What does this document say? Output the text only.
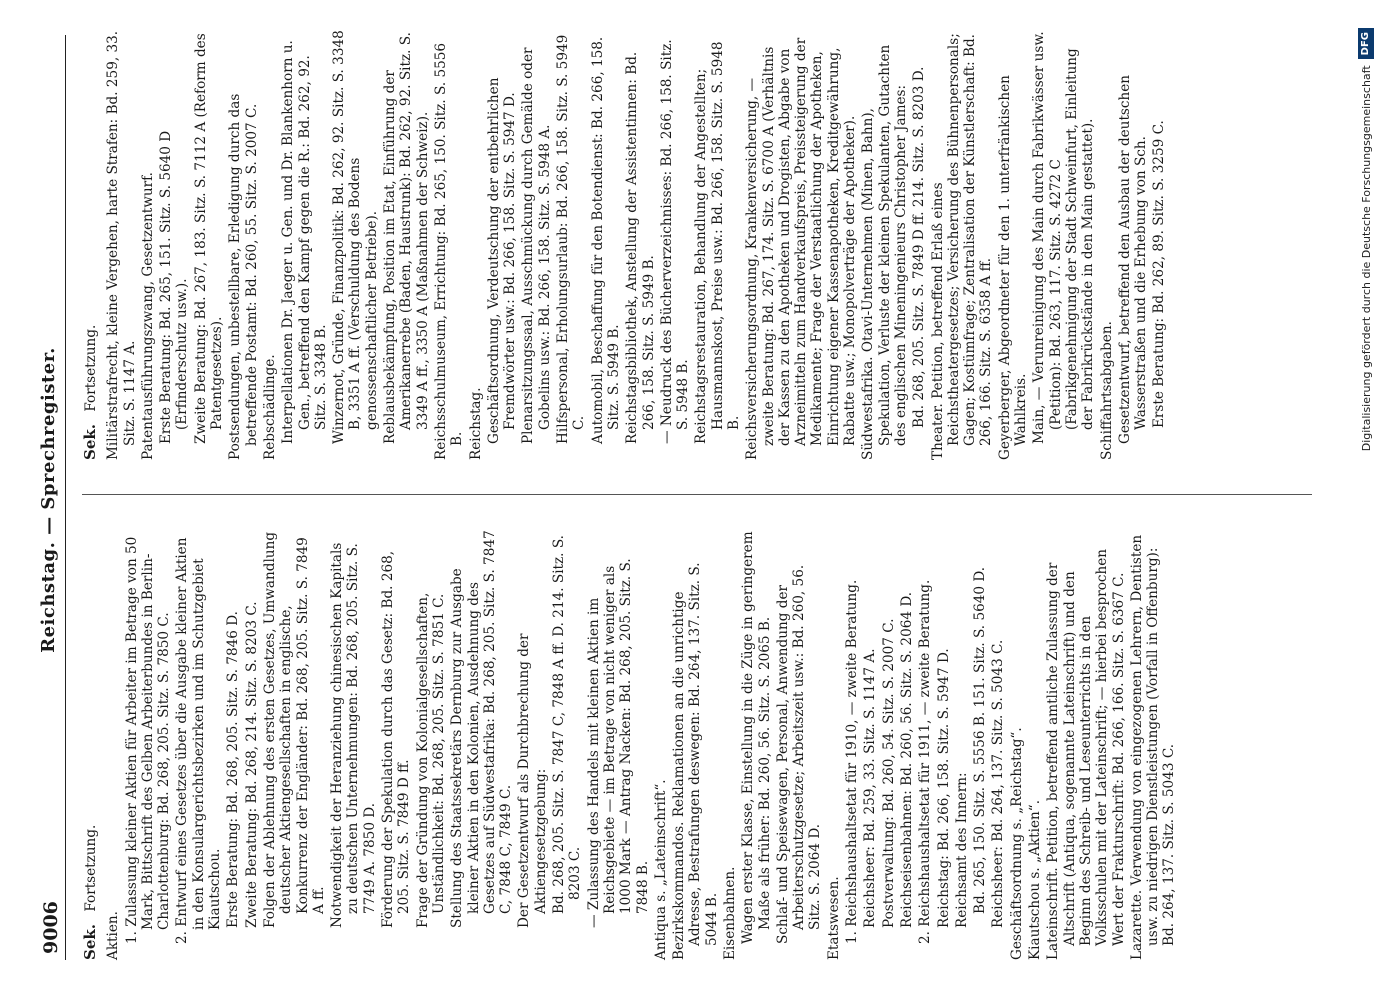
9006
Reichstag. — Sprechregister.
Sek. Fortsetzung.
Aktien. 1. Zulassung kleiner Aktien für Arbeiter im Betrage von 50 Mark, Bittschrift des Gelben Arbeiterbundes in Berlin-Charlottenburg: Bd. 268, 205. Sitz. S. 7850 C. 2. Entwurf eines Gesetzes über die Ausgabe kleiner Aktien in den Konsulargerichtsbezirken und im Schutzgebiet Kiautschou. Erste Beratung: Bd. 268, 205. Sitz. S. 7846 D. Zweite Beratung: Bd. 268, 214. Sitz. S. 8203 C. Folgen der Ablehnung des ersten Gesetzes, Umwandlung deutscher Aktiengesellschaften in englische, Konkurrenz der Engländer: Bd. 268, 205. Sitz. S. 7849 A ff. Notwendigkeit der Heranziehung chinesischen Kapitals zu deutschen Unternehmungen: Bd. 268, 205. Sitz. S. 7749 A. 7850 D. Förderung der Spekulation durch das Gesetz: Bd. 268, 205. Sitz. S. 7849 D ff. Frage der Gründung von Kolonialgesellschaften, Unständlichkeit: Bd. 268, 205. Sitz. S. 7851 C. Stellung des Staatssekretärs Dernburg zur Ausgabe kleiner Aktien in den Kolonien, Ausdehnung des Gesetzes auf Südwestafrika: Bd. 268, 205. Sitz. S. 7847 C, 7848 C, 7849 C. Der Gesetzentwurf als Durchbrechung der Aktiengesetzgebung: Bd. 268, 205. Sitz. S. 7847 C, 7848 A ff. D. 214. Sitz. S. 8203 C. — Zulassung des Handels mit kleinen Aktien im Reichsgebiete — im Betrage von nicht weniger als 1000 Mark — Antrag Nacken: Bd. 268, 205. Sitz. S. 7848 B. Antiqua s. „Lateinschrift“. Bezirkskommandos. Reklamationen an die unrichtige Adresse, Bestrafungen deswegen: Bd. 264, 137. Sitz. S. 5044 B. Eisenbahnen. Wagen erster Klasse, Einstellung in die Züge in geringerem Maße als früher: Bd. 260, 56. Sitz. S. 2065 B. Schlaf- und Speisewagen, Personal, Anwendung der Arbeiterschutzgesetze; Arbeitszeit usw.: Bd. 260, 56. Sitz. S. 2064 D. Etatswesen. 1. Reichshaushaltsetat für 1910, — zweite Beratung. Reichsheer: Bd. 259, 33. Sitz. S. 1147 A. Postverwaltung: Bd. 260, 54. Sitz. S. 2007 C. Reichseisenbahnen: Bd. 260, 56. Sitz. S. 2064 D. 2. Reichshaushaltsetat für 1911, — zweite Beratung. Reichstag: Bd. 266, 158. Sitz. S. 5947 D. Reichsamt des Innern: Bd. 265, 150. Sitz. S. 5556 B. 151. Sitz. S. 5640 D. Reichsheer: Bd. 264, 137. Sitz. S. 5043 C. Geschäftsordnung s. „Reichstag“. Kiautschou s. „Aktien“. Lateinschrift. Petition, betreffend amtliche Zulassung der Altschrift (Antiqua, sogenannte Lateinschrift) und den Beginn des Schreib- und Leseunterrichts in den Volksschulen mit der Lateinschrift; — hierbei besprochen Wert der Frakturschrift: Bd. 266, 166. Sitz. S. 6367 C. Lazarette. Verwendung von eingezogenen Lehrern, Dentisten usw. zu niedrigen Dienstleistungen (Vorfall in Offenburg): Bd. 264, 137. Sitz. S. 5043 C.
Sek. Fortsetzung. Militärstrafrecht, kleine Vergehen, harte Strafen: Bd. 259, 33. Sitz. S. 1147 A. Patentausführungszwang, Gesetzentwurf. Erste Beratung: Bd. 265, 151. Sitz. S. 5640 D (Erfinderschutz usw.). Zweite Beratung: Bd. 267, 183. Sitz. S. 7112 A (Reform des Patentgesetzes). Postsendungen, unbestellbare, Erledigung durch das betreffende Postamt: Bd. 260, 55. Sitz. S. 2007 C. Rebschädlinge. Interpellationen Dr. Jaeger u. Gen. und Dr. Blankenhorn u. Gen., betreffend den Kampf gegen die R.: Bd. 262, 92. Sitz. S. 3348 B. Winzernot, Gründe, Finanzpolitik: Bd. 262, 92. Sitz. S. 3348 B, 3351 A ff. (Verschuldung des Bodens genossenschaftlicher Betriebe). Reblausbekämpfung, Position im Etat, Einführung der Amerikanerrebe (Baden, Haustrunk): Bd. 262, 92. Sitz. S. 3349 A ff., 3350 A (Maßnahmen der Schweiz). Reichsschulmuseum, Errichtung: Bd. 265, 150. Sitz. S. 5556 B. Reichstag. Geschäftsordnung, Verdeutschung der entbehrlichen Fremdwörter usw.: Bd. 266, 158. Sitz. S. 5947 D. Plenarsitzungssaal, Ausschmückung durch Gemälde oder Gobelins usw.: Bd. 266, 158. Sitz. S. 5948 A. Hilfspersonal, Erholungsurlaub: Bd. 266, 158. Sitz. S. 5949 C. Automobil, Beschaffung für den Botendienst: Bd. 266, 158. Sitz. S. 5949 B. Reichstagsbibliothek, Anstellung der Assistentinnen: Bd. 266, 158. Sitz. S. 5949 B. — Neudruck des Bücherverzeichnisses: Bd. 266, 158. Sitz. S. 5948 B. Reichstagsrestauration, Behandlung der Angestellten; Hausmannskost, Preise usw.: Bd. 266, 158. Sitz. S. 5948 B. Reichsversicherungsordnung, Krankenversicherung, — zweite Beratung: Bd. 267, 174. Sitz. S. 6700 A (Verhältnis der Kassen zu den Apotheken und Drogisten, Abgabe von Arzneimitteln zum Handverkaufspreis, Preissteigerung der Medikamente; Frage der Verstaatlichung der Apotheken, Einrichtung eigener Kassenapotheken, Kreditgewährung, Rabatte usw.; Monopolverträge der Apotheker). Südwestafrika. Otavi-Unternehmen (Minen, Bahn), Spekulation, Verluste der kleinen Spekulanten, Gutachten des englischen Mineningenieurs Christopher James: Bd. 268, 205. Sitz. S. 7849 D ff. 214. Sitz. S. 8203 D. Theater. Petition, betreffend Erlaß eines Reichstheatergesetzes; Versicherung des Bühnenpersonals; Gagen; Kostümfrage; Zentralisation der Künstlerschaft: Bd. 266, 166. Sitz. S. 6358 A ff. Geyerberger, Abgeordneter für den 1. unterfränkischen Wahlkreis. Main, — Verunreinigung des Main durch Fabrikwässer usw. (Petition): Bd. 263, 117. Sitz. S. 4272 C (Fabrikgenehmigung der Stadt Schweinfurt, Einleitung der Fabrikrückstände in den Main gestattet). Schiffahrtsabgaben. Gesetzentwurf, betreffend den Ausbau der deutschen Wasserstraßen und die Erhebung von Sch. Erste Beratung: Bd. 262, 89. Sitz. S. 3259 C.	Digitalisierung gefördert durch die Deutsche Forschungsgemeinschaft
DFG
